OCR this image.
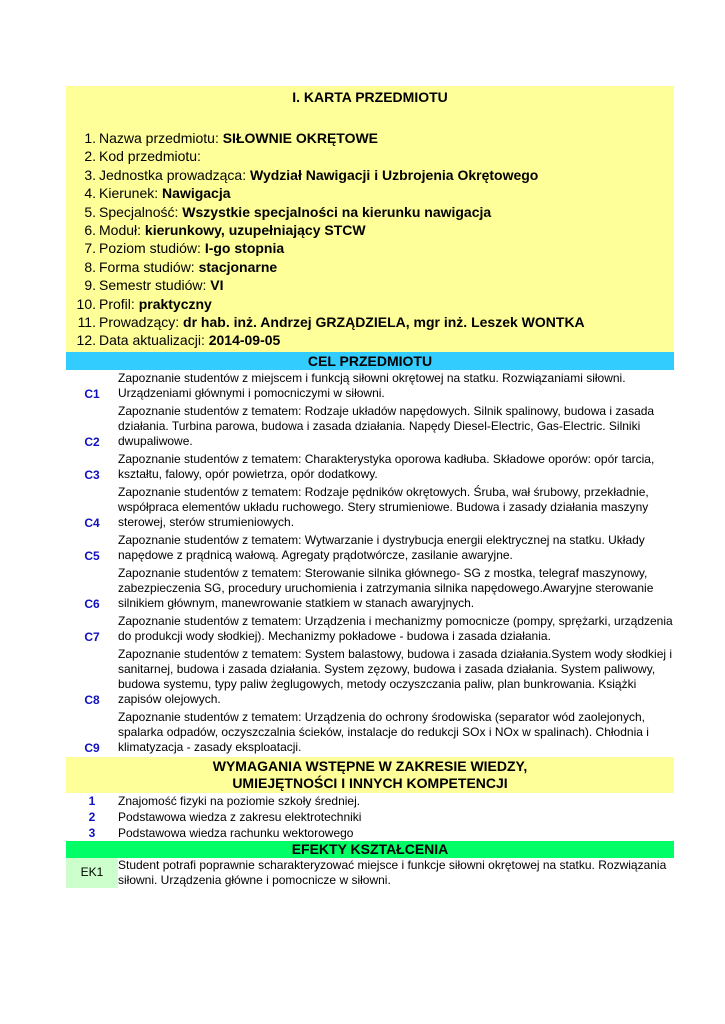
I. KARTA PRZEDMIOTU
1. Nazwa przedmiotu: SIŁOWNIE OKRĘTOWE
2. Kod przedmiotu:
3. Jednostka prowadząca: Wydział Nawigacji i Uzbrojenia Okrętowego
4. Kierunek: Nawigacja
5. Specjalność: Wszystkie specjalności na kierunku nawigacja
6. Moduł: kierunkowy, uzupełniający STCW
7. Poziom studiów: I-go stopnia
8. Forma studiów: stacjonarne
9. Semestr studiów: VI
10. Profil: praktyczny
11. Prowadzący: dr hab. inż. Andrzej GRZĄDZIELA, mgr inż. Leszek WONTKA
12. Data aktualizacji: 2014-09-05
CEL PRZEDMIOTU
C1
Zapoznanie studentów z miejscem i funkcją siłowni okrętowej na statku. Rozwiązaniami siłowni. Urządzeniami głównymi i pomocniczymi w siłowni.
C2
Zapoznanie studentów z tematem: Rodzaje układów napędowych. Silnik spalinowy, budowa i zasada działania. Turbina parowa, budowa i zasada działania. Napędy Diesel-Electric, Gas-Electric. Silniki dwupaliwowe.
C3
Zapoznanie studentów z tematem: Charakterystyka oporowa kadłuba. Składowe oporów: opór tarcia, kształtu, falowy, opór powietrza, opór dodatkowy.
C4
Zapoznanie studentów z tematem: Rodzaje pędników okrętowych. Śruba, wał śrubowy, przekładnie, współpraca elementów układu ruchowego. Stery strumieniowe. Budowa i zasady działania maszyny sterowej, sterów strumieniowych.
C5
Zapoznanie studentów z tematem: Wytwarzanie i dystrybucja energii elektrycznej na statku. Układy napędowe z prądnicą wałową. Agregaty prądotwórcze, zasilanie awaryjne.
C6
Zapoznanie studentów z tematem: Sterowanie silnika głównego- SG z mostka, telegraf maszynowy, zabezpieczenia SG, procedury uruchomienia i zatrzymania silnika napędowego.Awaryjne sterowanie silnikiem głównym, manewrowanie statkiem w stanach awaryjnych.
C7
Zapoznanie studentów z tematem: Urządzenia i mechanizmy pomocnicze (pompy, sprężarki, urządzenia do produkcji wody słodkiej). Mechanizmy pokładowe - budowa i zasada działania.
C8
Zapoznanie studentów z tematem: System balastowy, budowa i zasada działania.System wody słodkiej i sanitarnej, budowa i zasada działania. System zęzowy, budowa i zasada działania. System paliwowy, budowa systemu, typy paliw żeglugowych, metody oczyszczania paliw, plan bunkrowania. Książki zapisów olejowych.
C9
Zapoznanie studentów z tematem: Urządzenia do ochrony środowiska (separator wód zaolejonych, spalarka odpadów, oczyszczalnia ścieków, instalacje do redukcji SOx i NOx w spalinach). Chłodnia i klimatyzacja - zasady eksploatacji.
WYMAGANIA WSTĘPNE W ZAKRESIE WIEDZY,
UMIEJĘTNOŚCI I INNYCH KOMPETENCJI
1	Znajomość fizyki na poziomie szkoły średniej.
2	Podstawowa wiedza z zakresu elektrotechniki
3	Podstawowa wiedza rachunku wektorowego
EFEKTY KSZTAŁCENIA
EK1
Student potrafi poprawnie scharakteryzować miejsce i funkcje siłowni okrętowej na statku. Rozwiązania siłowni. Urządzenia główne i pomocnicze w siłowni.
